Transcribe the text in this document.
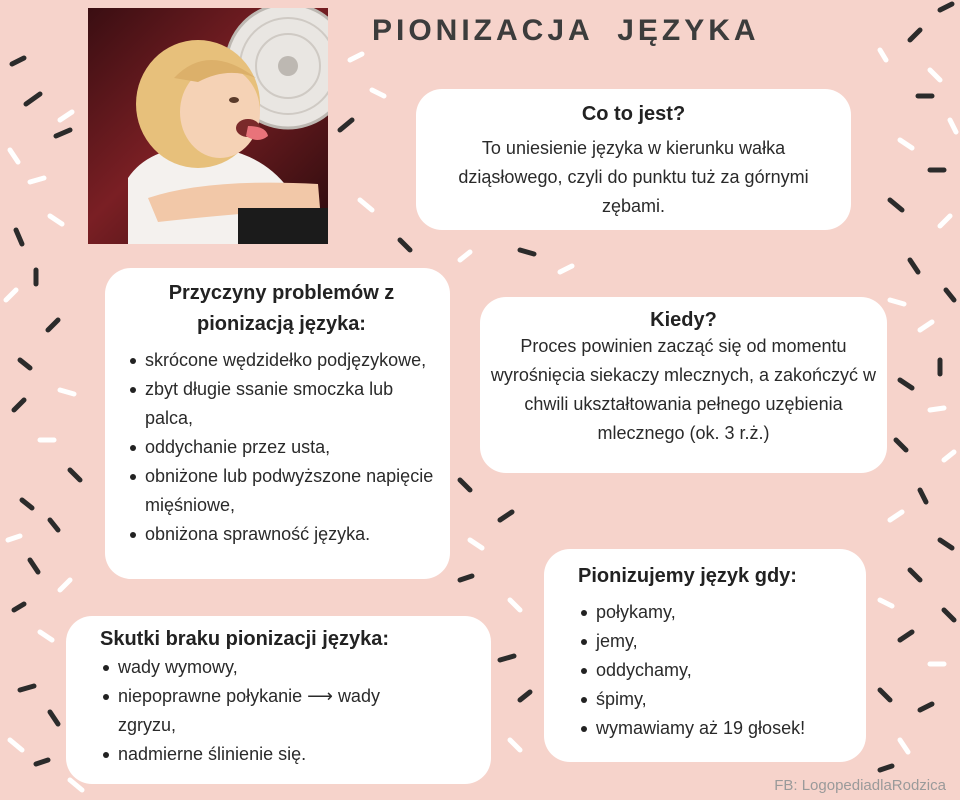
PIONIZACJA  JĘZYKA
Co to jest?

To uniesienie języka w kierunku wałka dziąsłowego, czyli do punktu tuż za górnymi zębami.

Przyczyny problemów z pionizacją języka:
skrócone wędzidełko podjęzykowe,
zbyt długie ssanie smoczka lub palca,
oddychanie przez usta,
obniżone lub podwyższone napięcie mięśniowe,
obniżona sprawność języka.
Kiedy?

Proces powinien zacząć się od momentu wyrośnięcia siekaczy mlecznych, a zakończyć w chwili ukształtowania pełnego uzębienia mlecznego (ok. 3 r.ż.)

Skutki braku pionizacji języka:
wady wymowy,
niepoprawne połykanie ⟶ wady zgryzu,
nadmierne ślinienie się.
Pionizujemy język gdy:
połykamy,
jemy,
oddychamy,
śpimy,
wymawiamy aż 19 głosek!
FB: LogopediadlaRodzica
